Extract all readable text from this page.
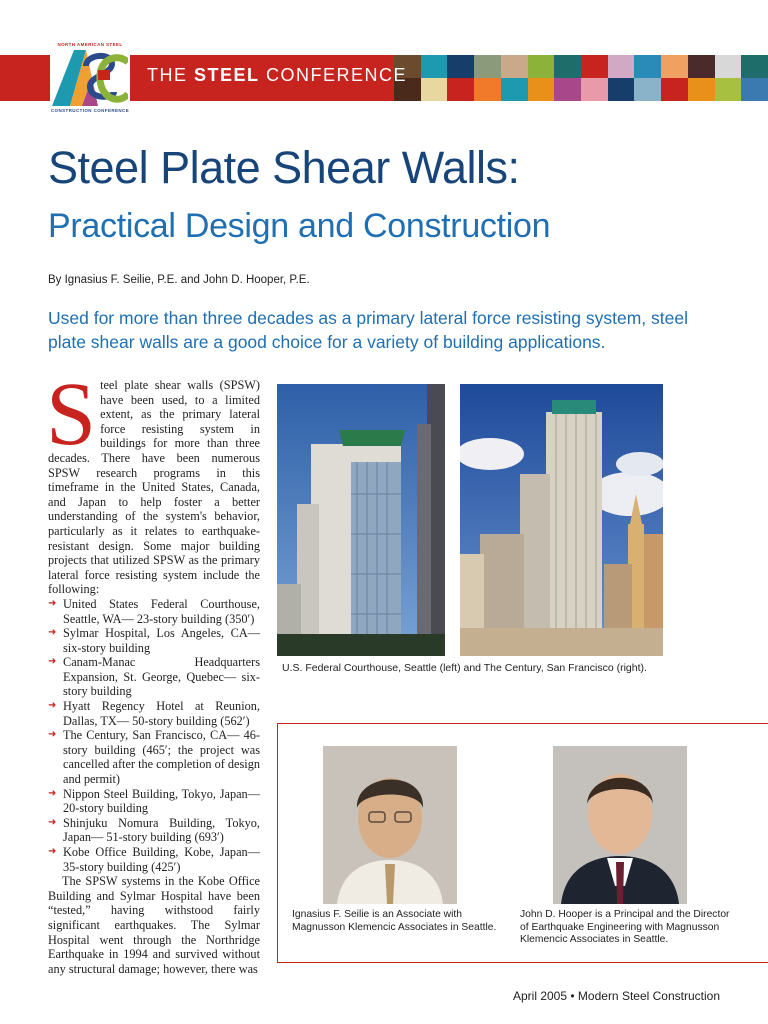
NORTH AMERICAN STEEL
CONSTRUCTION CONFERENCE
THE STEEL CONFERENCE
Steel Plate Shear Walls:
Practical Design and Construction
By Ignasius F. Seilie, P.E. and John D. Hooper, P.E.
Used for more than three decades as a primary lateral force resisting system, steel plate shear walls are a good choice for a variety of building applications.
S teel plate shear walls (SPSW) have been used, to a limited extent, as the primary lateral force resisting system in buildings for more than three decades. There have been numerous SPSW research programs in this timeframe in the United States, Canada, and Japan to help foster a better understanding of the system's behavior, particularly as it relates to earthquake-resistant design. Some major building projects that utilized SPSW as the primary lateral force resisting system include the following:

➜ United States Federal Courthouse, Seattle, WA— 23-story building (350′)
➜ Sylmar Hospital, Los Angeles, CA—six-story building
➜ Canam-Manac Headquarters Expansion, St. George, Quebec— six-story building
➜ Hyatt Regency Hotel at Reunion, Dallas, TX— 50-story building (562′)
➜ The Century, San Francisco, CA— 46-story building (465′; the project was cancelled after the completion of design and permit)
➜ Nippon Steel Building, Tokyo, Japan— 20-story building
➜ Shinjuku Nomura Building, Tokyo, Japan— 51-story building (693′)
➜ Kobe Office Building, Kobe, Japan—35-story building (425′)

The SPSW systems in the Kobe Office Building and Sylmar Hospital have been “tested,” having withstood fairly significant earthquakes. The Sylmar Hospital went through the Northridge Earthquake in 1994 and survived without any structural damage; however, there was

U.S. Federal Courthouse, Seattle (left) and The Century, San Francisco (right).
Ignasius F. Seilie is an Associate with Magnusson Klemencic Associates in Seattle.
John D. Hooper is a Principal and the Director of Earthquake Engineering with Magnusson Klemencic Associates in Seattle.
April 2005 • Modern Steel Construction
